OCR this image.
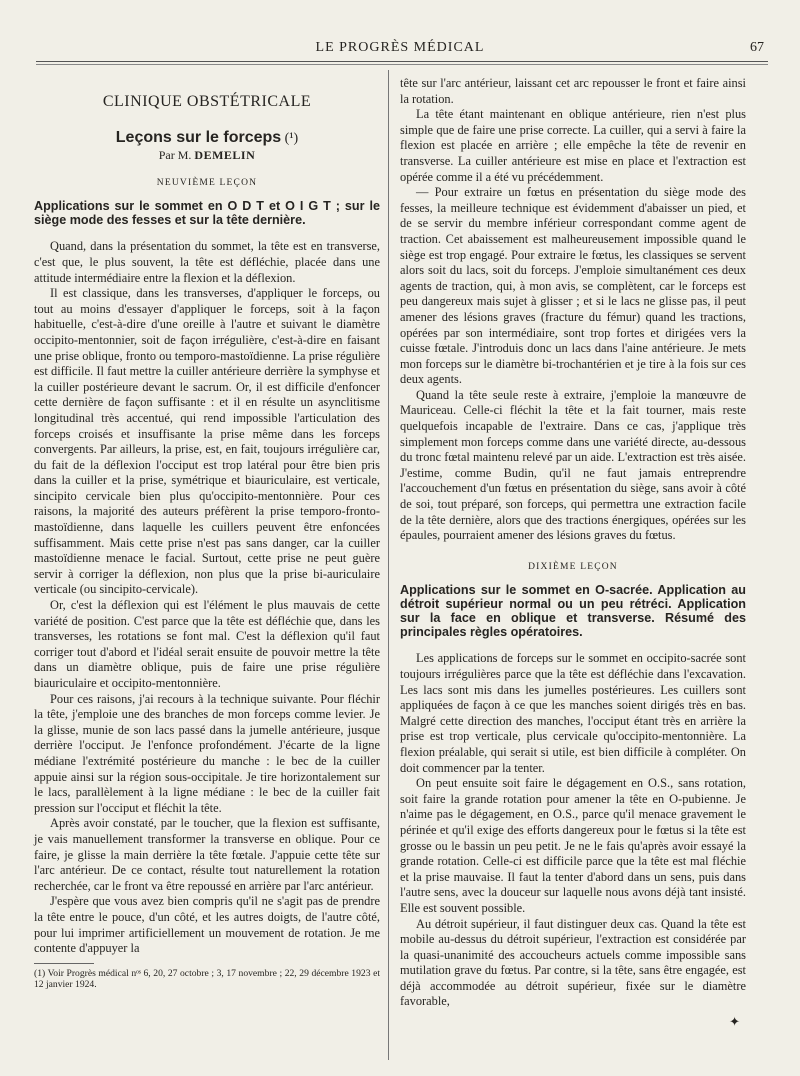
LE PROGRÈS MÉDICAL	67
CLINIQUE OBSTÉTRICALE
Leçons sur le forceps (¹)
Par M. DEMELIN
NEUVIÈME LEÇON
Applications sur le sommet en O D T et O I G T ; sur le siège mode des fesses et sur la tête dernière.

Quand, dans la présentation du sommet, la tête est en transverse, c'est que, le plus souvent, la tête est défléchie, placée dans une attitude intermédiaire entre la flexion et la déflexion.

Il est classique, dans les transverses, d'appliquer le forceps, ou tout au moins d'essayer d'appliquer le forceps, soit à la façon habituelle, c'est-à-dire d'une oreille à l'autre et suivant le diamètre occipito-mentonnier, soit de façon irrégulière, c'est-à-dire en faisant une prise oblique, fronto ou temporo-mastoïdienne. La prise régulière est difficile. Il faut mettre la cuiller antérieure derrière la symphyse et la cuiller postérieure devant le sacrum. Or, il est difficile d'enfoncer cette dernière de façon suffisante : et il en résulte un asynclitisme longitudinal très accentué, qui rend impossible l'articulation des forceps croisés et insuffisante la prise même dans les forceps convergents. Par ailleurs, la prise, est, en fait, toujours irrégulière car, du fait de la déflexion l'occiput est trop latéral pour être bien pris dans la cuiller et la prise, symétrique et biauriculaire, est verticale, sincipito cervicale bien plus qu'occipito-mentonnière. Pour ces raisons, la majorité des auteurs préfèrent la prise temporo-fronto-mastoïdienne, dans laquelle les cuillers peuvent être enfoncées suffisamment. Mais cette prise n'est pas sans danger, car la cuiller mastoïdienne menace le facial. Surtout, cette prise ne peut guère servir à corriger la déflexion, non plus que la prise bi-auriculaire verticale (ou sincipito-cervicale).

Or, c'est la déflexion qui est l'élément le plus mauvais de cette variété de position. C'est parce que la tête est défléchie que, dans les transverses, les rotations se font mal. C'est la déflexion qu'il faut corriger tout d'abord et l'idéal serait ensuite de pouvoir mettre la tête dans un diamètre oblique, puis de faire une prise régulière biauriculaire et occipito-mentonnière.

Pour ces raisons, j'ai recours à la technique suivante. Pour fléchir la tête, j'emploie une des branches de mon forceps comme levier. Je la glisse, munie de son lacs passé dans la jumelle antérieure, jusque derrière l'occiput. Je l'enfonce profondément. J'écarte de la ligne médiane l'extrémité postérieure du manche : le bec de la cuiller appuie ainsi sur la région sous-occipitale. Je tire horizontalement sur le lacs, parallèlement à la ligne médiane : le bec de la cuiller fait pression sur l'occiput et fléchit la tête.

Après avoir constaté, par le toucher, que la flexion est suffisante, je vais manuellement transformer la transverse en oblique. Pour ce faire, je glisse la main derrière la tête fœtale. J'appuie cette tête sur l'arc antérieur. De ce contact, résulte tout naturellement la rotation recherchée, car le front va être repoussé en arrière par l'arc antérieur.

J'espère que vous avez bien compris qu'il ne s'agit pas de prendre la tête entre le pouce, d'un côté, et les autres doigts, de l'autre côté, pour lui imprimer artificiellement un mouvement de rotation. Je me contente d'appuyer la

(1) Voir Progrès médical nᵒˢ 6, 20, 27 octobre ; 3, 17 novembre ; 22, 29 décembre 1923 et 12 janvier 1924.

tête sur l'arc antérieur, laissant cet arc repousser le front et faire ainsi la rotation.

La tête étant maintenant en oblique antérieure, rien n'est plus simple que de faire une prise correcte. La cuiller, qui a servi à faire la flexion est placée en arrière ; elle empêche la tête de revenir en transverse. La cuiller antérieure est mise en place et l'extraction est opérée comme il a été vu précédemment.

— Pour extraire un fœtus en présentation du siège mode des fesses, la meilleure technique est évidemment d'abaisser un pied, et de se servir du membre inférieur correspondant comme agent de traction. Cet abaissement est malheureusement impossible quand le siège est trop engagé. Pour extraire le fœtus, les classiques se servent alors soit du lacs, soit du forceps. J'emploie simultanément ces deux agents de traction, qui, à mon avis, se complètent, car le forceps est peu dangereux mais sujet à glisser ; et si le lacs ne glisse pas, il peut amener des lésions graves (fracture du fémur) quand les tractions, opérées par son intermédiaire, sont trop fortes et dirigées vers la cuisse fœtale. J'introduis donc un lacs dans l'aine antérieure. Je mets mon forceps sur le diamètre bi-trochantérien et je tire à la fois sur ces deux agents.

Quand la tête seule reste à extraire, j'emploie la manœuvre de Mauriceau. Celle-ci fléchit la tête et la fait tourner, mais reste quelquefois incapable de l'extraire. Dans ce cas, j'applique très simplement mon forceps comme dans une variété directe, au-dessous du tronc fœtal maintenu relevé par un aide. L'extraction est très aisée. J'estime, comme Budin, qu'il ne faut jamais entreprendre l'accouchement d'un fœtus en présentation du siège, sans avoir à côté de soi, tout préparé, son forceps, qui permettra une extraction facile de la tête dernière, alors que des tractions énergiques, opérées sur les épaules, pourraient amener des lésions graves du fœtus.

DIXIÈME LEÇON
Applications sur le sommet en O-sacrée. Application au détroit supérieur normal ou un peu rétréci. Application sur la face en oblique et transverse. Résumé des principales règles opératoires.

Les applications de forceps sur le sommet en occipito-sacrée sont toujours irrégulières parce que la tête est défléchie dans l'excavation. Les lacs sont mis dans les jumelles postérieures. Les cuillers sont appliquées de façon à ce que les manches soient dirigés très en bas. Malgré cette direction des manches, l'occiput étant très en arrière la prise est trop verticale, plus cervicale qu'occipito-mentonnière. La flexion préalable, qui serait si utile, est bien difficile à compléter. On doit commencer par la tenter.

On peut ensuite soit faire le dégagement en O.S., sans rotation, soit faire la grande rotation pour amener la tête en O-pubienne. Je n'aime pas le dégagement, en O.S., parce qu'il menace gravement le périnée et qu'il exige des efforts dangereux pour le fœtus si la tête est grosse ou le bassin un peu petit. Je ne le fais qu'après avoir essayé la grande rotation. Celle-ci est difficile parce que la tête est mal fléchie et la prise mauvaise. Il faut la tenter d'abord dans un sens, puis dans l'autre sens, avec la douceur sur laquelle nous avons déjà tant insisté. Elle est souvent possible.

Au détroit supérieur, il faut distinguer deux cas. Quand la tête est mobile au-dessus du détroit supérieur, l'extraction est considérée par la quasi-unanimité des accoucheurs actuels comme impossible sans mutilation grave du fœtus. Par contre, si la tête, sans être engagée, est déjà accommodée au détroit supérieur, fixée sur le diamètre favorable,

✦
